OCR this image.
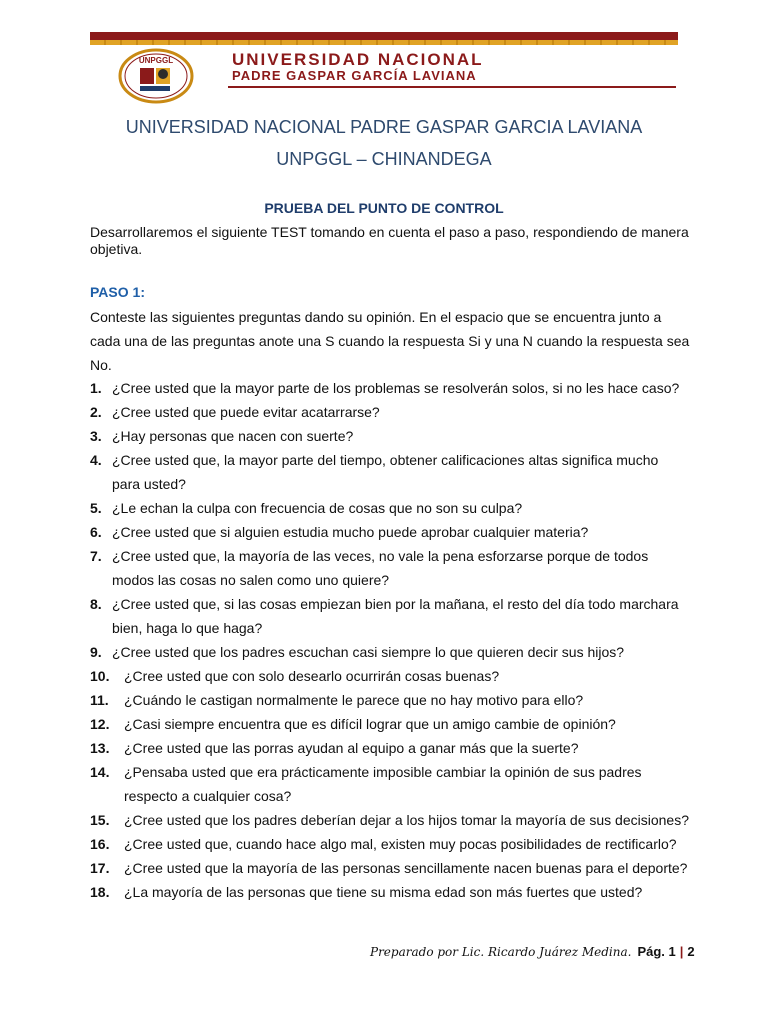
UNPGGL	UNIVERSIDAD NACIONAL
PADRE GASPAR GARCÍA LAVIANA
UNIVERSIDAD NACIONAL PADRE GASPAR GARCIA LAVIANA
UNPGGL – CHINANDEGA
PRUEBA DEL PUNTO DE CONTROL
Desarrollaremos el siguiente TEST tomando en cuenta el paso a paso, respondiendo de manera objetiva.
PASO 1:
Conteste las siguientes preguntas dando su opinión. En el espacio que se encuentra junto a cada una de las preguntas anote una S cuando la respuesta Si y una N cuando la respuesta sea No.
1. ¿Cree usted que la mayor parte de los problemas se resolverán solos, si no les hace caso?
2. ¿Cree usted que puede evitar acatarrarse?
3. ¿Hay personas que nacen con suerte?
4. ¿Cree usted que, la mayor parte del tiempo, obtener calificaciones altas significa mucho para usted?
5. ¿Le echan la culpa con frecuencia de cosas que no son su culpa?
6. ¿Cree usted que si alguien estudia mucho puede aprobar cualquier materia?
7. ¿Cree usted que, la mayoría de las veces, no vale la pena esforzarse porque de todos modos las cosas no salen como uno quiere?
8. ¿Cree usted que, si las cosas empiezan bien por la mañana, el resto del día todo marchara bien, haga lo que haga?
9. ¿Cree usted que los padres escuchan casi siempre lo que quieren decir sus hijos?
10.	¿Cree usted que con solo desearlo ocurrirán cosas buenas?
11.	¿Cuándo le castigan normalmente le parece que no hay motivo para ello?
12.	¿Casi siempre encuentra que es difícil lograr que un amigo cambie de opinión?
13.	¿Cree usted que las porras ayudan al equipo a ganar más que la suerte?
14.	¿Pensaba usted que era prácticamente imposible cambiar la opinión de sus padres respecto a cualquier cosa?
15.	¿Cree usted que los padres deberían dejar a los hijos tomar la mayoría de sus decisiones?
16.	¿Cree usted que, cuando hace algo mal, existen muy pocas posibilidades de rectificarlo?
17.	¿Cree usted que la mayoría de las personas sencillamente nacen buenas para el deporte?
18.	¿La mayoría de las personas que tiene su misma edad son más fuertes que usted?
Preparado por Lic. Ricardo Juárez Medina. Pág. 1 | 2
